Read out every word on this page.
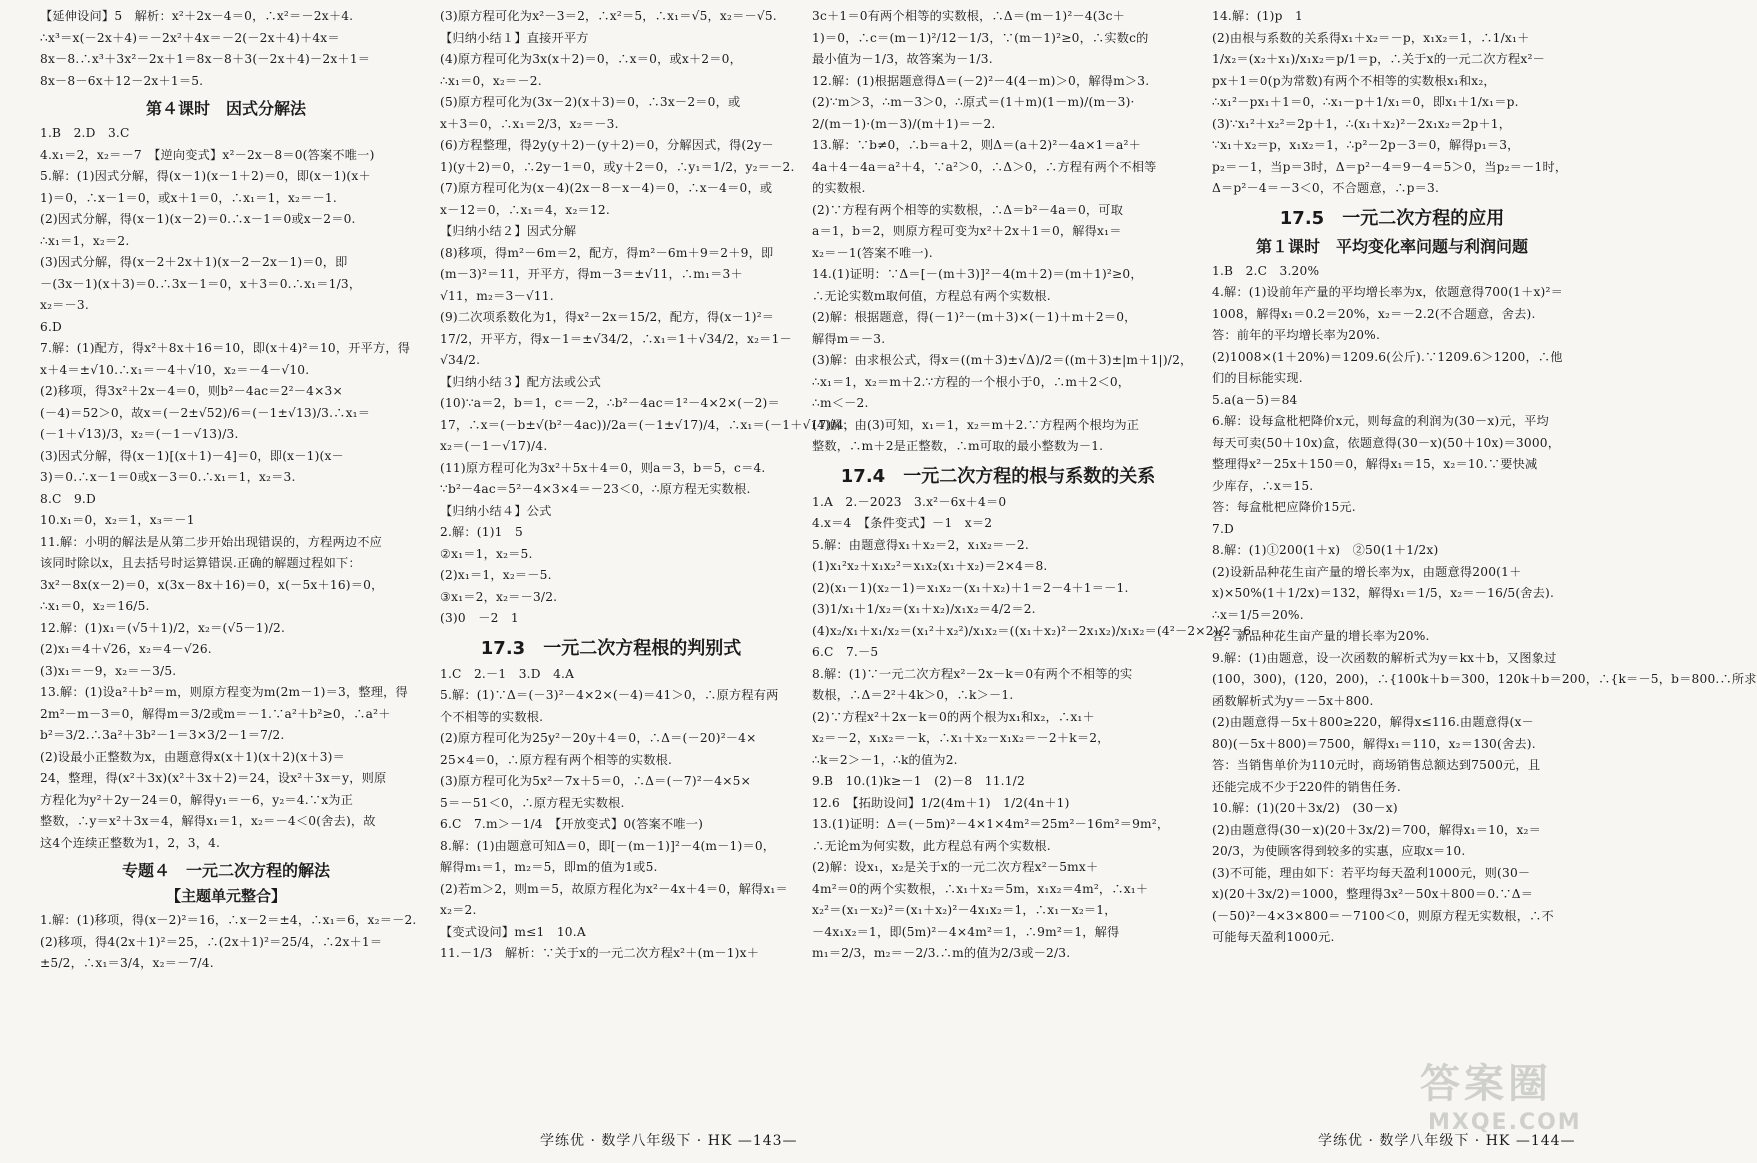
【延伸设问】5　解析：x²＋2x－4＝0，∴x²＝－2x＋4.
∴x³＝x(－2x＋4)＝－2x²＋4x＝－2(－2x＋4)＋4x＝
8x－8.∴x³＋3x²－2x＋1＝8x－8＋3(－2x＋4)－2x＋1＝
8x－8－6x＋12－2x＋1＝5.
第４课时　因式分解法
1.B　2.D　3.C
4.x₁＝2，x₂＝－7　【逆向变式】x²－2x－8＝0(答案不唯一)
5.解：(1)因式分解，得(x－1)(x－1＋2)＝0，即(x－1)(x＋
1)＝0，∴x－1＝0，或x＋1＝0，∴x₁＝1，x₂＝－1.
(2)因式分解，得(x－1)(x－2)＝0.∴x－1＝0或x－2＝0.
∴x₁＝1，x₂＝2.
(3)因式分解，得(x－2＋2x＋1)(x－2－2x－1)＝0，即
－(3x－1)(x＋3)＝0.∴3x－1＝0，x＋3＝0.∴x₁＝1/3，
x₂＝－3.
6.D
7.解：(1)配方，得x²＋8x＋16＝10，即(x＋4)²＝10，开平方，得
x＋4＝±√10.∴x₁＝－4＋√10，x₂＝－4－√10.
(2)移项，得3x²＋2x－4＝0，则b²－4ac＝2²－4×3×
(－4)＝52＞0，故x＝(－2±√52)/6＝(－1±√13)/3.∴x₁＝
(－1＋√13)/3，x₂＝(－1－√13)/3.
(3)因式分解，得(x－1)[(x＋1)－4]＝0，即(x－1)(x－
3)＝0.∴x－1＝0或x－3＝0.∴x₁＝1，x₂＝3.
8.C　9.D
10.x₁＝0，x₂＝1，x₃＝－1
11.解：小明的解法是从第二步开始出现错误的，方程两边不应
该同时除以x，且去括号时运算错误.正确的解题过程如下：
3x²－8x(x－2)＝0，x(3x－8x＋16)＝0，x(－5x＋16)＝0，
∴x₁＝0，x₂＝16/5.
12.解：(1)x₁＝(√5＋1)/2，x₂＝(√5－1)/2.
(2)x₁＝4＋√26，x₂＝4－√26.
(3)x₁＝－9，x₂＝－3/5.
13.解：(1)设a²＋b²＝m，则原方程变为m(2m－1)＝3，整理，得
2m²－m－3＝0，解得m＝3/2或m＝－1.∵a²＋b²≥0，∴a²＋
b²＝3/2.∴3a²＋3b²－1＝3×3/2－1＝7/2.
(2)设最小正整数为x，由题意得x(x＋1)(x＋2)(x＋3)＝
24，整理，得(x²＋3x)(x²＋3x＋2)＝24，设x²＋3x＝y，则原
方程化为y²＋2y－24＝0，解得y₁＝－6，y₂＝4.∵x为正
整数，∴y＝x²＋3x＝4，解得x₁＝1，x₂＝－4＜0(舍去)，故
这4个连续正整数为1，2，3，4.
专题４　一元二次方程的解法
【主题单元整合】
1.解：(1)移项，得(x－2)²＝16，∴x－2＝±4，∴x₁＝6，x₂＝－2.
(2)移项，得4(2x＋1)²＝25，∴(2x＋1)²＝25/4，∴2x＋1＝
±5/2，∴x₁＝3/4，x₂＝－7/4.
(3)原方程可化为x²－3＝2，∴x²＝5，∴x₁＝√5，x₂＝－√5.
【归纳小结１】直接开平方
(4)原方程可化为3x(x＋2)＝0，∴x＝0，或x＋2＝0，
∴x₁＝0，x₂＝－2.
(5)原方程可化为(3x－2)(x＋3)＝0，∴3x－2＝0，或
x＋3＝0，∴x₁＝2/3，x₂＝－3.
(6)方程整理，得2y(y＋2)－(y＋2)＝0，分解因式，得(2y－
1)(y＋2)＝0，∴2y－1＝0，或y＋2＝0，∴y₁＝1/2，y₂＝－2.
(7)原方程可化为(x－4)(2x－8－x－4)＝0，∴x－4＝0，或
x－12＝0，∴x₁＝4，x₂＝12.
【归纳小结２】因式分解
(8)移项，得m²－6m＝2，配方，得m²－6m＋9＝2＋9，即
(m－3)²＝11，开平方，得m－3＝±√11，∴m₁＝3＋
√11，m₂＝3－√11.
(9)二次项系数化为1，得x²－2x＝15/2，配方，得(x－1)²＝
17/2，开平方，得x－1＝±√34/2，∴x₁＝1＋√34/2，x₂＝1－
√34/2.
【归纳小结３】配方法或公式
(10)∵a＝2，b＝1，c＝－2，∴b²－4ac＝1²－4×2×(－2)＝
17，∴x＝(－b±√(b²－4ac))/2a＝(－1±√17)/4，∴x₁＝(－1＋√17)/4，
x₂＝(－1－√17)/4.
(11)原方程可化为3x²＋5x＋4＝0，则a＝3，b＝5，c＝4.
∵b²－4ac＝5²－4×3×4＝－23＜0，∴原方程无实数根.
【归纳小结４】公式
2.解：(1)1　5
②x₁＝1，x₂＝5.
(2)x₁＝1，x₂＝－5.
③x₁＝2，x₂＝－3/2.
(3)0　－2　1
17.3　一元二次方程根的判别式
1.C　2.－1　3.D　4.A
5.解：(1)∵Δ＝(－3)²－4×2×(－4)＝41＞0，∴原方程有两
个不相等的实数根.
(2)原方程可化为25y²－20y＋4＝0，∴Δ＝(－20)²－4×
25×4＝0，∴原方程有两个相等的实数根.
(3)原方程可化为5x²－7x＋5＝0，∴Δ＝(－7)²－4×5×
5＝－51＜0，∴原方程无实数根.
6.C　7.m＞－1/4　【开放变式】0(答案不唯一)
8.解：(1)由题意可知Δ＝0，即[－(m－1)]²－4(m－1)＝0，
解得m₁＝1，m₂＝5，即m的值为1或5.
(2)若m＞2，则m＝5，故原方程化为x²－4x＋4＝0，解得x₁＝
x₂＝2.
【变式设问】m≤1　10.A
11.－1/3　解析：∵关于x的一元二次方程x²＋(m－1)x＋
3c＋1＝0有两个相等的实数根，∴Δ＝(m－1)²－4(3c＋
1)＝0，∴c＝(m－1)²/12－1/3，∵(m－1)²≥0，∴实数c的
最小值为－1/3，故答案为－1/3.
12.解：(1)根据题意得Δ＝(－2)²－4(4－m)＞0，解得m＞3.
(2)∵m＞3，∴m－3＞0，∴原式＝(1＋m)(1－m)/(m－3)·
2/(m－1)·(m－3)/(m＋1)＝－2.
13.解：∵b≠0，∴b＝a＋2，则Δ＝(a＋2)²－4a×1＝a²＋
4a＋4－4a＝a²＋4，∵a²＞0，∴Δ＞0，∴方程有两个不相等
的实数根.
(2)∵方程有两个相等的实数根，∴Δ＝b²－4a＝0，可取
a＝1，b＝2，则原方程可变为x²＋2x＋1＝0，解得x₁＝
x₂＝－1(答案不唯一).
14.(1)证明：∵Δ＝[－(m＋3)]²－4(m＋2)＝(m＋1)²≥0，
∴无论实数m取何值，方程总有两个实数根.
(2)解：根据题意，得(－1)²－(m＋3)×(－1)＋m＋2＝0，
解得m＝－3.
(3)解：由求根公式，得x＝((m＋3)±√Δ)/2＝((m＋3)±|m＋1|)/2，
∴x₁＝1，x₂＝m＋2.∵方程的一个根小于0，∴m＋2＜0，
∴m＜－2.
(4)解：由(3)可知，x₁＝1，x₂＝m＋2.∵方程两个根均为正
整数，∴m＋2是正整数，∴m可取的最小整数为－1.
17.4　一元二次方程的根与系数的关系
1.A　2.－2023　3.x²－6x＋4＝0
4.x＝4　【条件变式】－1　x＝2
5.解：由题意得x₁＋x₂＝2，x₁x₂＝－2.
(1)x₁²x₂＋x₁x₂²＝x₁x₂(x₁＋x₂)＝2×4＝8.
(2)(x₁－1)(x₂－1)＝x₁x₂－(x₁＋x₂)＋1＝2－4＋1＝－1.
(3)1/x₁＋1/x₂＝(x₁＋x₂)/x₁x₂＝4/2＝2.
(4)x₂/x₁＋x₁/x₂＝(x₁²＋x₂²)/x₁x₂＝((x₁＋x₂)²－2x₁x₂)/x₁x₂＝(4²－2×2)/2＝6.
6.C　7.－5
8.解：(1)∵一元二次方程x²－2x－k＝0有两个不相等的实
数根，∴Δ＝2²＋4k＞0，∴k＞－1.
(2)∵方程x²＋2x－k＝0的两个根为x₁和x₂，∴x₁＋
x₂＝－2，x₁x₂＝－k，∴x₁＋x₂－x₁x₂＝－2＋k＝2，
∴k＝2＞－1，∴k的值为2.
9.B　10.(1)k≥－1　(2)－8　11.1/2
12.6　【拓助设问】1/2(4m＋1)　1/2(4n＋1)
13.(1)证明：Δ＝(－5m)²－4×1×4m²＝25m²－16m²＝9m²，
∴无论m为何实数，此方程总有两个实数根.
(2)解：设x₁，x₂是关于x的一元二次方程x²－5mx＋
4m²＝0的两个实数根，∴x₁＋x₂＝5m，x₁x₂＝4m²，∴x₁＋
x₂²＝(x₁－x₂)²＝(x₁＋x₂)²－4x₁x₂＝1，∴x₁－x₂＝1，
－4x₁x₂＝1，即(5m)²－4×4m²＝1，∴9m²＝1，解得
m₁＝2/3，m₂＝－2/3.∴m的值为2/3或－2/3.
14.解：(1)p　1
(2)由根与系数的关系得x₁＋x₂＝－p，x₁x₂＝1，∴1/x₁＋
1/x₂＝(x₂＋x₁)/x₁x₂＝p/1＝p，∴关于x的一元二次方程x²－
px＋1＝0(p为常数)有两个不相等的实数根x₁和x₂，
∴x₁²－px₁＋1＝0，∴x₁－p＋1/x₁＝0，即x₁＋1/x₁＝p.
(3)∵x₁²＋x₂²＝2p＋1，∴(x₁＋x₂)²－2x₁x₂＝2p＋1，
∵x₁＋x₂＝p，x₁x₂＝1，∴p²－2p－3＝0，解得p₁＝3，
p₂＝－1，当p＝3时，Δ＝p²－4＝9－4＝5＞0，当p₂＝－1时，
Δ＝p²－4＝－3＜0，不合题意，∴p＝3.
17.5　一元二次方程的应用
第１课时　平均变化率问题与利润问题
1.B　2.C　3.20%
4.解：(1)设前年产量的平均增长率为x，依题意得700(1＋x)²＝
1008，解得x₁＝0.2＝20%，x₂＝－2.2(不合题意，舍去).
答：前年的平均增长率为20%.
(2)1008×(1＋20%)＝1209.6(公斤).∵1209.6＞1200，∴他
们的目标能实现.
5.a(a－5)＝84
6.解：设每盒枇杷降价x元，则每盒的利润为(30－x)元，平均
每天可卖(50＋10x)盒，依题意得(30－x)(50＋10x)＝3000，
整理得x²－25x＋150＝0，解得x₁＝15，x₂＝10.∵要快减
少库存，∴x＝15.
答：每盒枇杷应降价15元.
7.D
8.解：(1)①200(1＋x)　②50(1＋1/2x)
(2)设新品种花生亩产量的增长率为x，由题意得200(1＋
x)×50%(1＋1/2x)＝132，解得x₁＝1/5，x₂＝－16/5(舍去).
∴x＝1/5＝20%.
答：新品种花生亩产量的增长率为20%.
9.解：(1)由题意，设一次函数的解析式为y＝kx＋b，又图象过
(100，300)，(120，200)，∴{100k＋b＝300，120k＋b＝200，∴{k＝－5，b＝800.∴所求
函数解析式为y＝－5x＋800.
(2)由题意得－5x＋800≥220，解得x≤116.由题意得(x－
80)(－5x＋800)＝7500，解得x₁＝110，x₂＝130(舍去).
答：当销售单价为110元时，商场销售总额达到7500元，且
还能完成不少于220件的销售任务.
10.解：(1)(20＋3x/2)　(30－x)
(2)由题意得(30－x)(20＋3x/2)＝700，解得x₁＝10，x₂＝
20/3，为使顾客得到较多的实惠，应取x＝10.
(3)不可能，理由如下：若平均每天盈利1000元，则(30－
x)(20＋3x/2)＝1000，整理得3x²－50x＋800＝0.∵Δ＝
(－50)²－4×3×800＝－7100＜0，则原方程无实数根，∴不
可能每天盈利1000元.
学练优 · 数学八年级下 · HK —143—	学练优 · 数学八年级下 · HK —144—
答案圈
MXQE.COM
